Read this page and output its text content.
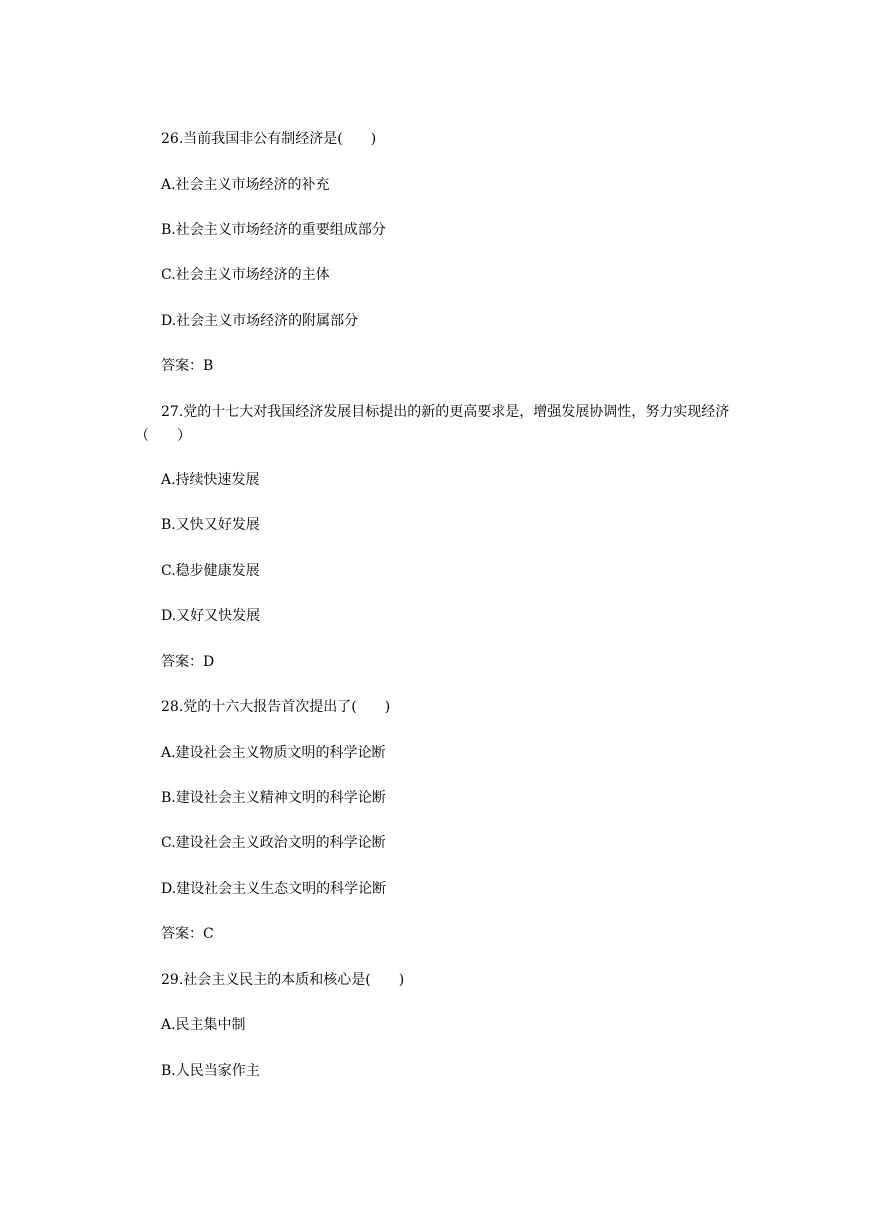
26.当前我国非公有制经济是(　　)
A.社会主义市场经济的补充
B.社会主义市场经济的重要组成部分
C.社会主义市场经济的主体
D.社会主义市场经济的附属部分
答案：B
27.党的十七大对我国经济发展目标提出的新的更高要求是，增强发展协调性，努力实现经济（　　）
A.持续快速发展
B.又快又好发展
C.稳步健康发展
D.又好又快发展
答案：D
28.党的十六大报告首次提出了(　　)
A.建设社会主义物质文明的科学论断
B.建设社会主义精神文明的科学论断
C.建设社会主义政治文明的科学论断
D.建设社会主义生态文明的科学论断
答案：C
29.社会主义民主的本质和核心是(　　)
A.民主集中制
B.人民当家作主
